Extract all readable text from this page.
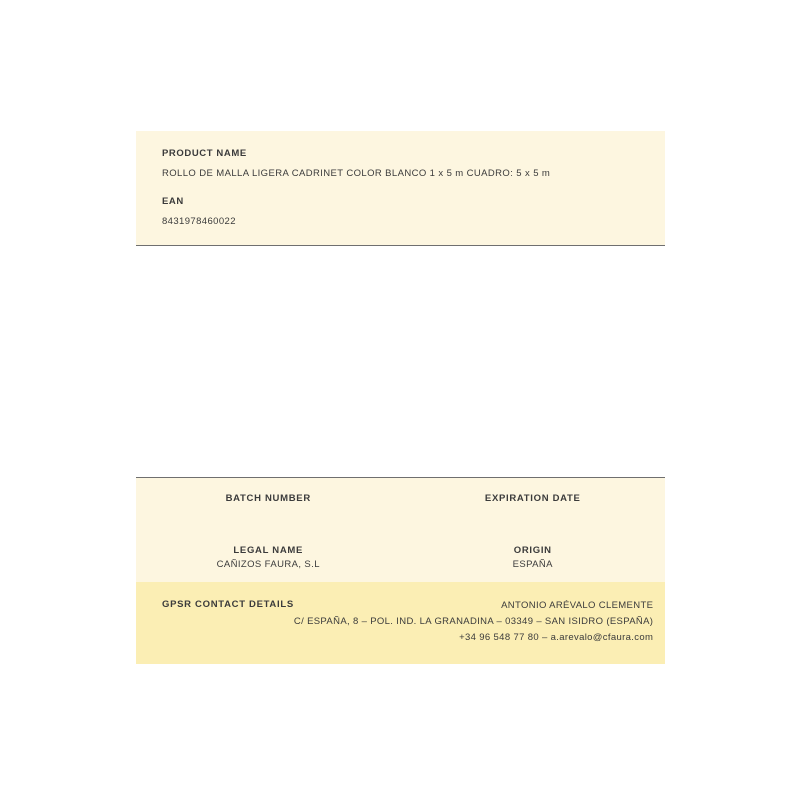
PRODUCT NAME

ROLLO DE MALLA LIGERA CADRINET COLOR BLANCO 1 x 5 m CUADRO: 5 x 5 m

EAN

8431978460022

BATCH NUMBER	EXPIRATION DATE

LEGAL NAME

CAÑIZOS FAURA, S.L

ORIGIN

ESPAÑA

GPSR CONTACT DETAILS	ANTONIO ARÉVALO CLEMENTE
C/ ESPAÑA, 8 – POL. IND. LA GRANADINA – 03349 – SAN ISIDRO (ESPAÑA)
+34 96 548 77 80 – a.arevalo@cfaura.com
